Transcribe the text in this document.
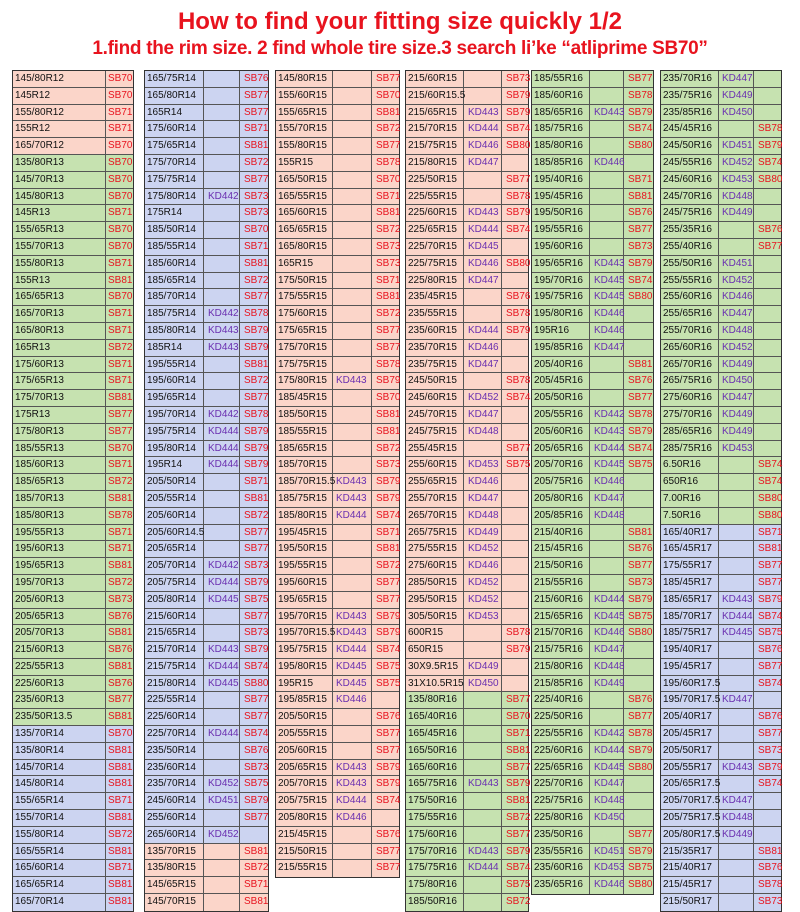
How to find your fitting size quickly 1/2
1.find the rim size. 2 find whole tire size.3 search li’ke “atliprime SB70”
145/80R12	SB70
145R12	SB70
155/80R12	SB71
155R12	SB71
165/70R12	SB70
135/80R13	SB70
145/70R13	SB70
145/80R13	SB70
145R13	SB71
155/65R13	SB70
155/70R13	SB70
155/80R13	SB71
155R13	SB81
165/65R13	SB70
165/70R13	SB71
165/80R13	SB71
165R13	SB72
175/60R13	SB71
175/65R13	SB71
175/70R13	SB81
175R13	SB77
175/80R13	SB77
185/55R13	SB70
185/60R13	SB71
185/65R13	SB72
185/70R13	SB81
185/80R13	SB78
195/55R13	SB71
195/60R13	SB71
195/65R13	SB81
195/70R13	SB72
205/60R13	SB73
205/65R13	SB76
205/70R13	SB81
215/60R13	SB76
225/55R13	SB81
225/60R13	SB76
235/60R13	SB77
235/50R13.5	SB81
135/70R14	SB70
135/80R14	SB81
145/70R14	SB81
145/80R14	SB81
155/65R14	SB71
155/70R14	SB81
155/80R14	SB72
165/55R14	SB81
165/60R14	SB71
165/65R14	SB81
165/70R14	SB81
165/75R14	SB76
165/80R14	SB77
165R14	SB77
175/60R14	SB71
175/65R14	SB81
175/70R14	SB72
175/75R14	SB77
175/80R14 KD442 SB73
175R14	SB73
185/50R14	SB70
185/55R14	SB71
185/60R14	SB81
185/65R14	SB72
185/70R14	SB77
185/75R14 KD442 SB78
185/80R14 KD443 SB79
185R14	KD443 SB79
195/55R14	SB81
195/60R14	SB72
195/65R14	SB77
195/70R14 KD442 SB78
195/75R14 KD444 SB79
195/80R14 KD444 SB79
195R14	KD444 SB79
205/50R14	SB71
205/55R14	SB81
205/60R14	SB72
205/60R14.5	SB77
205/65R14	SB77
205/70R14 KD442 SB73
205/75R14 KD444 SB79
205/80R14 KD445 SB75
215/60R14	SB77
215/65R14	SB73
215/70R14 KD443 SB79
215/75R14 KD444 SB74
215/80R14 KD445 SB80
225/55R14	SB77
225/60R14	SB77
225/70R14 KD444 SB74
235/50R14	SB76
235/60R14	SB73
235/70R14 KD452 SB75
245/60R14 KD451 SB79
255/60R14	SB77
265/60R14 KD452
135/70R15	SB81
135/80R15	SB72
145/65R15	SB71
145/70R15	SB81
145/80R15	SB77
155/60R15	SB70
155/65R15	SB81
155/70R15	SB72
155/80R15	SB77
155R15	SB78
165/50R15	SB70
165/55R15	SB71
165/60R15	SB81
165/65R15	SB72
165/80R15	SB73
165R15	SB73
175/50R15	SB71
175/55R15	SB81
175/60R15	SB72
175/65R15	SB77
175/70R15	SB77
175/75R15	SB78
175/80R15 KD443 SB79
185/45R15	SB70
185/50R15	SB81
185/55R15	SB81
185/65R15	SB72
185/70R15	SB73
185/70R15.5 KD443 SB79
185/75R15 KD443 SB79
185/80R15 KD444 SB74
195/45R15	SB71
195/50R15	SB81
195/55R15	SB72
195/60R15	SB77
195/65R15	SB77
195/70R15 KD443 SB79
195/70R15.5 KD443 SB79
195/75R15 KD444 SB74
195/80R15 KD445 SB75
195R15 KD445 SB75
195/85R15 KD446
205/50R15	SB76
205/55R15	SB77
205/60R15	SB77
205/65R15 KD443 SB79
205/70R15 KD443 SB79
205/75R15 KD444 SB74
205/80R15 KD446
215/45R15	SB76
215/50R15	SB77
215/55R15	SB77
215/60R15	SB73
215/60R15.5	SB79
215/65R15 KD443 SB79
215/70R15 KD444 SB74
215/75R15 KD446 SB80
215/80R15 KD447
225/50R15	SB77
225/55R15	SB78
225/60R15 KD443 SB79
225/65R15 KD444 SB74
225/70R15 KD445
225/75R15 KD446 SB80
225/80R15 KD447
235/45R15	SB76
235/55R15	SB78
235/60R15 KD444 SB79
235/70R15 KD446
235/75R15 KD447
245/50R15	SB78
245/60R15 KD452 SB74
245/70R15 KD447
245/75R15 KD448
255/45R15	SB77
255/60R15 KD453 SB75
255/65R15 KD446
255/70R15 KD447
265/70R15 KD448
265/75R15 KD449
275/55R15 KD452
275/60R15 KD446
285/50R15 KD452
295/50R15 KD452
305/50R15 KD453
600R15	SB78
650R15	SB79
30X9.5R15 KD449
31X10.5R15 KD450
135/80R16	SB77
165/40R16	SB70
165/45R16	SB71
165/50R16	SB81
165/60R16	SB77
165/75R16 KD443 SB79
175/50R16	SB81
175/55R16	SB72
175/60R16	SB77
175/70R16 KD443 SB79
175/75R16 KD444 SB74
175/80R16	SB75
185/50R16	SB72
185/55R16	SB77
185/60R16	SB78
185/65R16 KD443 SB79
185/75R16	SB74
185/80R16	SB80
185/85R16 KD446
195/40R16	SB71
195/45R16	SB81
195/50R16	SB76
195/55R16	SB77
195/60R16	SB73
195/65R16 KD443 SB79
195/70R16 KD445 SB74
195/75R16 KD445 SB80
195/80R16 KD446
195R16 KD446
195/85R16 KD447
205/40R16	SB81
205/45R16	SB76
205/50R16	SB77
205/55R16 KD442 SB78
205/60R16 KD443 SB79
205/65R16 KD444 SB74
205/70R16 KD445 SB75
205/75R16 KD446
205/80R16 KD447
205/85R16 KD448
215/40R16	SB81
215/45R16	SB76
215/50R16	SB77
215/55R16	SB73
215/60R16 KD444 SB79
215/65R16 KD445 SB75
215/70R16 KD446 SB80
215/75R16 KD447
215/80R16 KD448
215/85R16 KD449
225/40R16	SB76
225/50R16	SB77
225/55R16 KD442 SB78
225/60R16 KD444 SB79
225/65R16 KD445 SB80
225/70R16 KD447
225/75R16 KD448
225/80R16 KD450
235/50R16	SB77
235/55R16 KD451 SB79
235/60R16 KD453 SB75
235/65R16 KD446 SB80
235/70R16 KD447
235/75R16 KD449
235/85R16 KD450
245/45R16	SB78
245/50R16 KD451 SB79
245/55R16 KD452 SB74
245/60R16 KD453 SB80
245/70R16 KD448
245/75R16 KD449
255/35R16	SB76
255/40R16	SB77
255/50R16 KD451
255/55R16 KD452
255/60R16 KD446
255/65R16 KD447
255/70R16 KD448
265/60R16 KD452
265/70R16 KD449
265/75R16 KD450
275/60R16 KD447
275/70R16 KD449
285/65R16 KD449
285/75R16 KD453
6.50R16	SB74
650R16	SB74
7.00R16	SB80
7.50R16	SB80
165/40R17	SB71
165/45R17	SB81
175/55R17	SB77
185/45R17	SB77
185/65R17 KD443 SB79
185/70R17 KD444 SB74
185/75R17 KD445 SB75
195/40R17	SB76
195/45R17	SB77
195/60R17.5	SB74
195/70R17.5 KD447
205/40R17	SB76
205/45R17	SB77
205/50R17	SB73
205/55R17 KD443 SB79
205/65R17.5	SB74
205/70R17.5 KD447
205/75R17.5 KD448
205/80R17.5 KD449
215/35R17	SB81
215/40R17	SB76
215/45R17	SB78
215/50R17	SB73
